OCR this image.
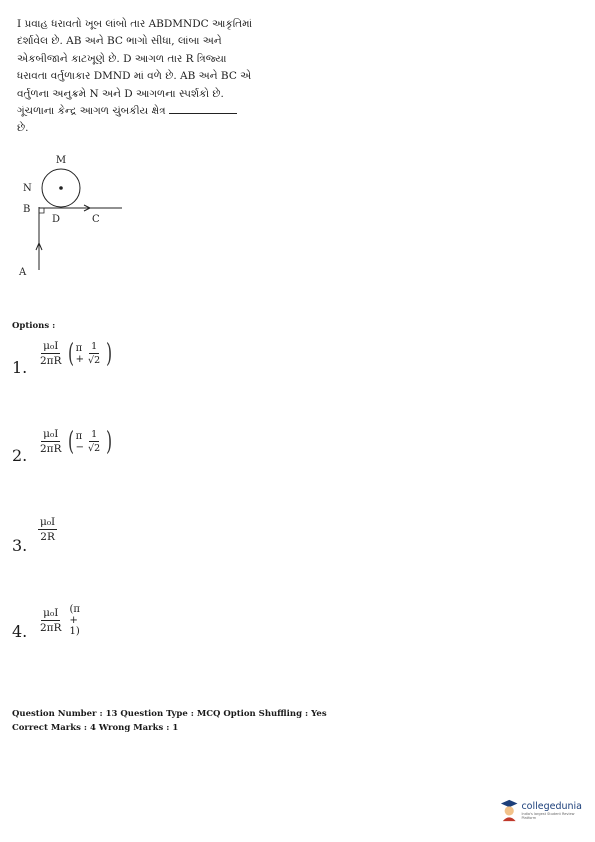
I પ્રવાહ ધરાવતો ખૂબ લાંબો તાર ABDMNDC આકૃતિમાં દર્શાવેલ છે. AB અને BC ભાગો સીધા, લાંબા અને એકબીજાને કાટખૂણે છે. D આગળ તાર R ત્રિજ્યા ધરાવતા વર્તુળાકાર DMND માં વળે છે. AB અને BC એ વર્તુળના અનુક્રમે N અને D આગળના સ્પર્શકો છે. ગૂંચળાના કેન્દ્ર આગળ ચુંબકીય ક્ષેત્ર
છે.
M
N
B
D	C
A
Options :
1.
$\frac{\text{μ₀I}}{2\pi R}$ ( $\pi + \frac{1}{√2}$ )
2.
$\frac{\text{μ₀I}}{2\pi R}$ ( $\pi - \frac{1}{√2}$ )
3.
$\frac{\text{μ₀I}}{2R}$
4. $\frac{\text{μ₀I}}{2\pi R} (\pi + 1)$
Question Number : 13 Question Type : MCQ Option Shuffling : Yes
Correct Marks : 4 Wrong Marks : 1
collegedunia
India's largest Student Review Platform
